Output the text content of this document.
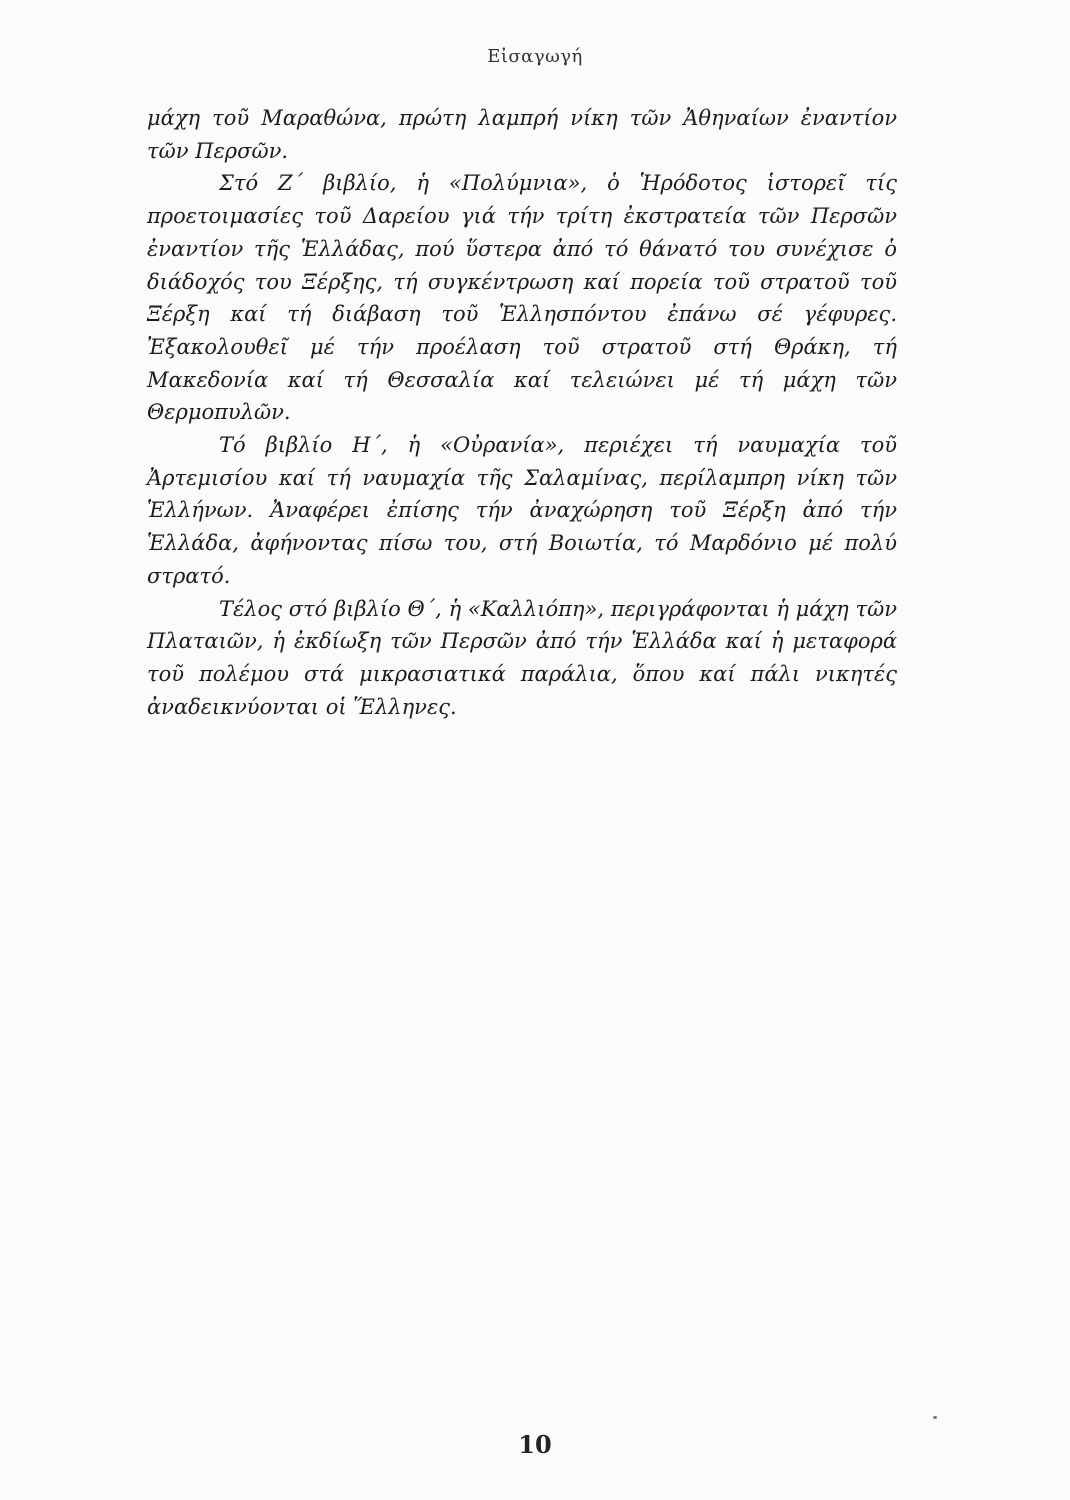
Εἰσαγωγή

μάχη τοῦ Μαραθώνα, πρώτη λαμπρή νίκη τῶν Ἀθηναίων ἐναντίον τῶν Περσῶν.

Στό Ζ΄ βιβλίο, ἡ «Πολύμνια», ὁ Ἡρόδοτος ἱστορεῖ τίς προετοιμασίες τοῦ Δαρείου γιά τήν τρίτη ἐκστρατεία τῶν Περσῶν ἐναντίον τῆς Ἑλλάδας, πού ὕστερα ἀπό τό θάνατό του συνέχισε ὁ διάδοχός του Ξέρξης, τή συγκέντρωση καί πορεία τοῦ στρατοῦ τοῦ Ξέρξη καί τή διάβαση τοῦ Ἑλλησπόντου ἐπάνω σέ γέφυρες. Ἐξακολουθεῖ μέ τήν προέλαση τοῦ στρατοῦ στή Θράκη, τή Μακεδονία καί τή Θεσσαλία καί τελειώνει μέ τή μάχη τῶν Θερμοπυλῶν.

Τό βιβλίο Η΄, ἡ «Οὐρανία», περιέχει τή ναυμαχία τοῦ Ἀρτεμισίου καί τή ναυμαχία τῆς Σαλαμίνας, περίλαμπρη νίκη τῶν Ἑλλήνων. Ἀναφέρει ἐπίσης τήν ἀναχώρηση τοῦ Ξέρξη ἀπό τήν Ἑλλάδα, ἀφήνοντας πίσω του, στή Βοιωτία, τό Μαρδόνιο μέ πολύ στρατό.

Τέλος στό βιβλίο Θ΄, ἡ «Καλλιόπη», περιγράφονται ἡ μάχη τῶν Πλαταιῶν, ἡ ἐκδίωξη τῶν Περσῶν ἀπό τήν Ἑλλάδα καί ἡ μεταφορά τοῦ πολέμου στά μικρασιατικά παράλια, ὅπου καί πάλι νικητές ἀναδεικνύονται οἱ Ἕλληνες.

10
